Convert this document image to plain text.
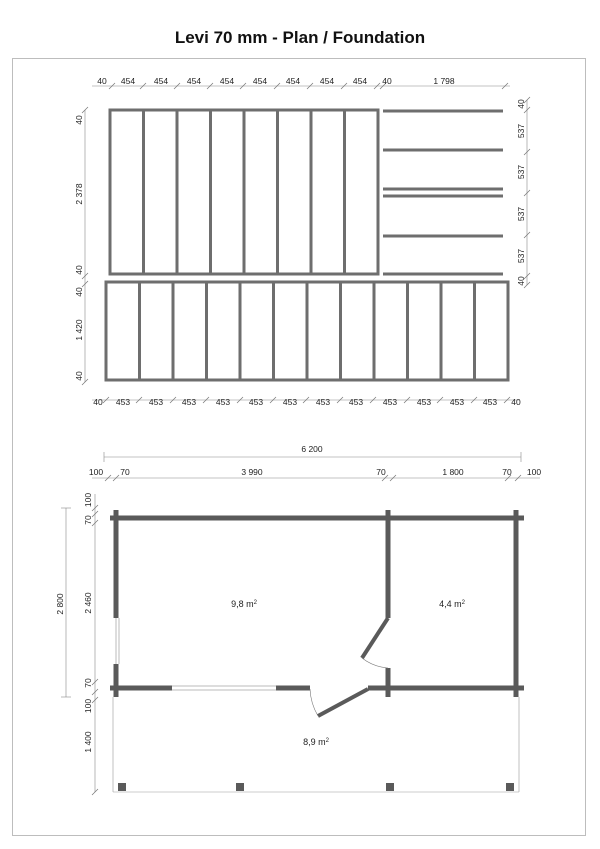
Levi 70 mm - Plan / Foundation
40 454 454 454 454 454 454 454 454 40	1 798
40
2 378
40
40
1 420
40
40
537
537
537
537
40
40 453 453 453 453 453 453 453 453 453 453 453 453 40
6 200
100 70	3 990	70	1 800	70 100
2 800
100
70
2 460
70
100
1 400
9,8 $m^2$	4,4 $m^2$
8,9 $m^2$
